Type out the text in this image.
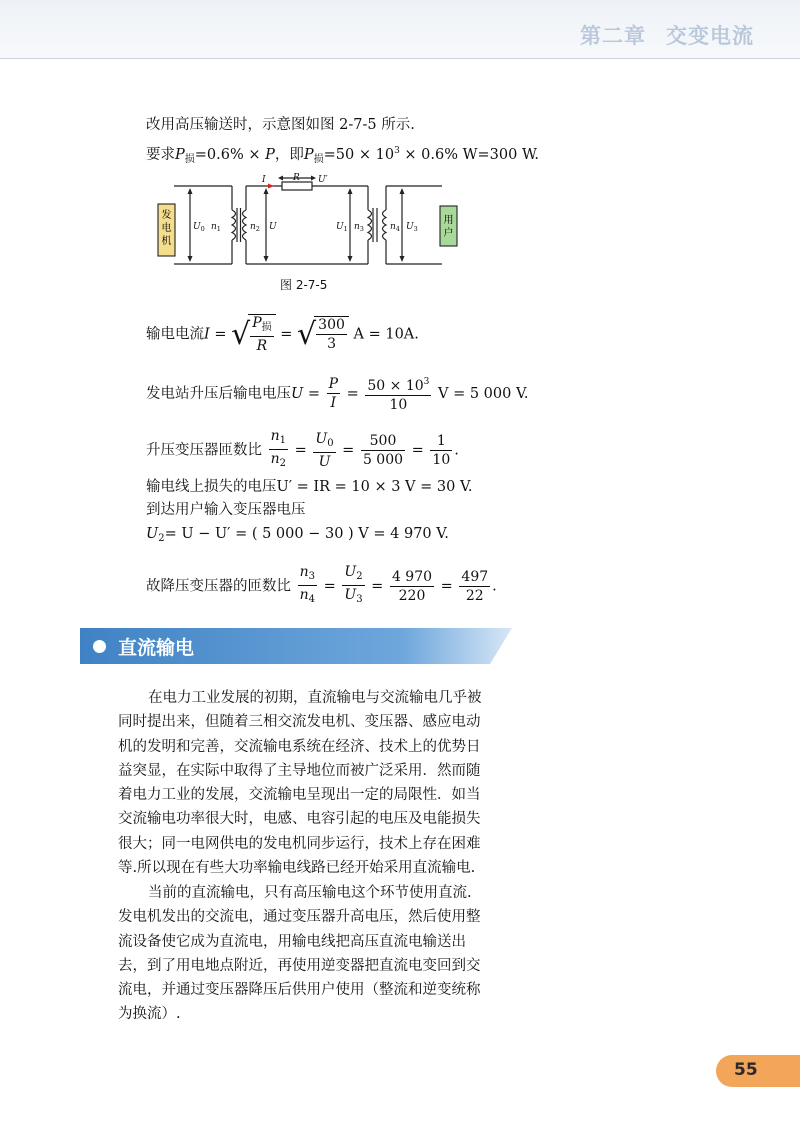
第二章 交变电流
改用高压输送时，示意图如图 2-7-5 所示.
要求$P_损=0.6\% \times P$，即$P_损=50 \times 10^3 \times 0.6\%$ W=300 W.
发
电
机
用
户
I	R U′
$U_0$ $n_1$	$n_2$ U	$U_1$ $n_3$	$n_4$ $U_3$
图 2-7-5
输电电流I = √ $\frac{P_损}{R}$ = √ $\frac{300}{3}$ A = 10A.
发电站升压后输电电压$U = \frac{P}{I} = \frac{50 \times 10^3}{10}$ V = 5 000 V.
升压变压器匝数比 $\frac{n_1}{n_2} = \frac{U_0}{U} = \frac{500}{5 000} = \frac{1}{10}$ .
输电线上损失的电压U′ = IR = 10 × 3 V = 30 V.
到达用户输入变压器电压
$U_2= U - U'$ = ( 5 000 − 30 ) V = 4 970 V.
故降压变压器的匝数比 $\frac{n_3}{n_4} = \frac{U_2}{U_3} = \frac{4 970}{220} = \frac{497}{22}$ .
直流输电
在电力工业发展的初期，直流输电与交流输电几乎被
同时提出来，但随着三相交流发电机、变压器、感应电动
机的发明和完善，交流输电系统在经济、技术上的优势日
益突显，在实际中取得了主导地位而被广泛采用．然而随
着电力工业的发展，交流输电呈现出一定的局限性．如当
交流输电功率很大时，电感、电容引起的电压及电能损失
很大；同一电网供电的发电机同步运行，技术上存在困难
等.所以现在有些大功率输电线路已经开始采用直流输电.
当前的直流输电，只有高压输电这个环节使用直流.
发电机发出的交流电，通过变压器升高电压，然后使用整
流设备使它成为直流电，用输电线把高压直流电输送出
去，到了用电地点附近，再使用逆变器把直流电变回到交
流电，并通过变压器降压后供用户使用（整流和逆变统称
为换流）.
55
